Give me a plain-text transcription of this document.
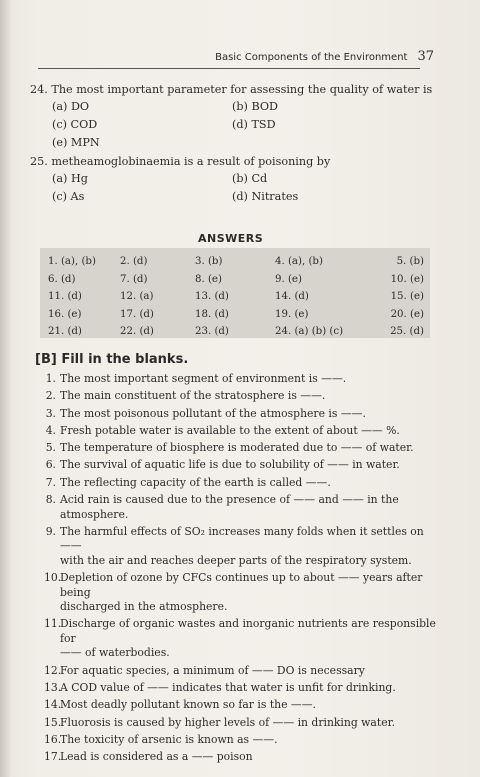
Basic Components of the Environment 37
24. The most important parameter for assessing the quality of water is
(a) DO	(b) BOD
(c) COD	(d) TSD
(e) MPN
25. metheamoglobinaemia is a result of poisoning by
(a) Hg	(b) Cd
(c) As	(d) Nitrates
ANSWERS
1. (a), (b)	2. (d)	3. (b)	4. (a), (b)	5. (b)
6. (d)	7. (d)	8. (e)	9. (e)	10. (e)
11. (d)	12. (a)	13. (d)	14. (d)	15. (e)
16. (e)	17. (d)	18. (d)	19. (e)	20. (e)
21. (d)	22. (d)	23. (d)	24. (a) (b) (c)	25. (d)
[B] Fill in the blanks.
1. The most important segment of environment is ——.
2. The main constituent of the stratosphere is ——.
3. The most poisonous pollutant of the atmosphere is ——.
4. Fresh potable water is available to the extent of about —— %.
5. The temperature of biosphere is moderated due to —— of water.
6. The survival of aquatic life is due to solubility of —— in water.
7. The reflecting capacity of the earth is called ——.
8. Acid rain is caused due to the presence of —— and —— in the
atmosphere.
9. The harmful effects of SO₂ increases many folds when it settles on ——
with the air and reaches deeper parts of the respiratory system.
10.
Depletion of ozone by CFCs continues up to about —— years after being
discharged in the atmosphere.
11.
Discharge of organic wastes and inorganic nutrients are responsible for
—— of waterbodies.
12.
For aquatic species, a minimum of —— DO is necessary
13.
A COD value of —— indicates that water is unfit for drinking.
14.
Most deadly pollutant known so far is the ——.
15.
Fluorosis is caused by higher levels of —— in drinking water.
16.
The toxicity of arsenic is known as ——.
17.
Lead is considered as a —— poison
